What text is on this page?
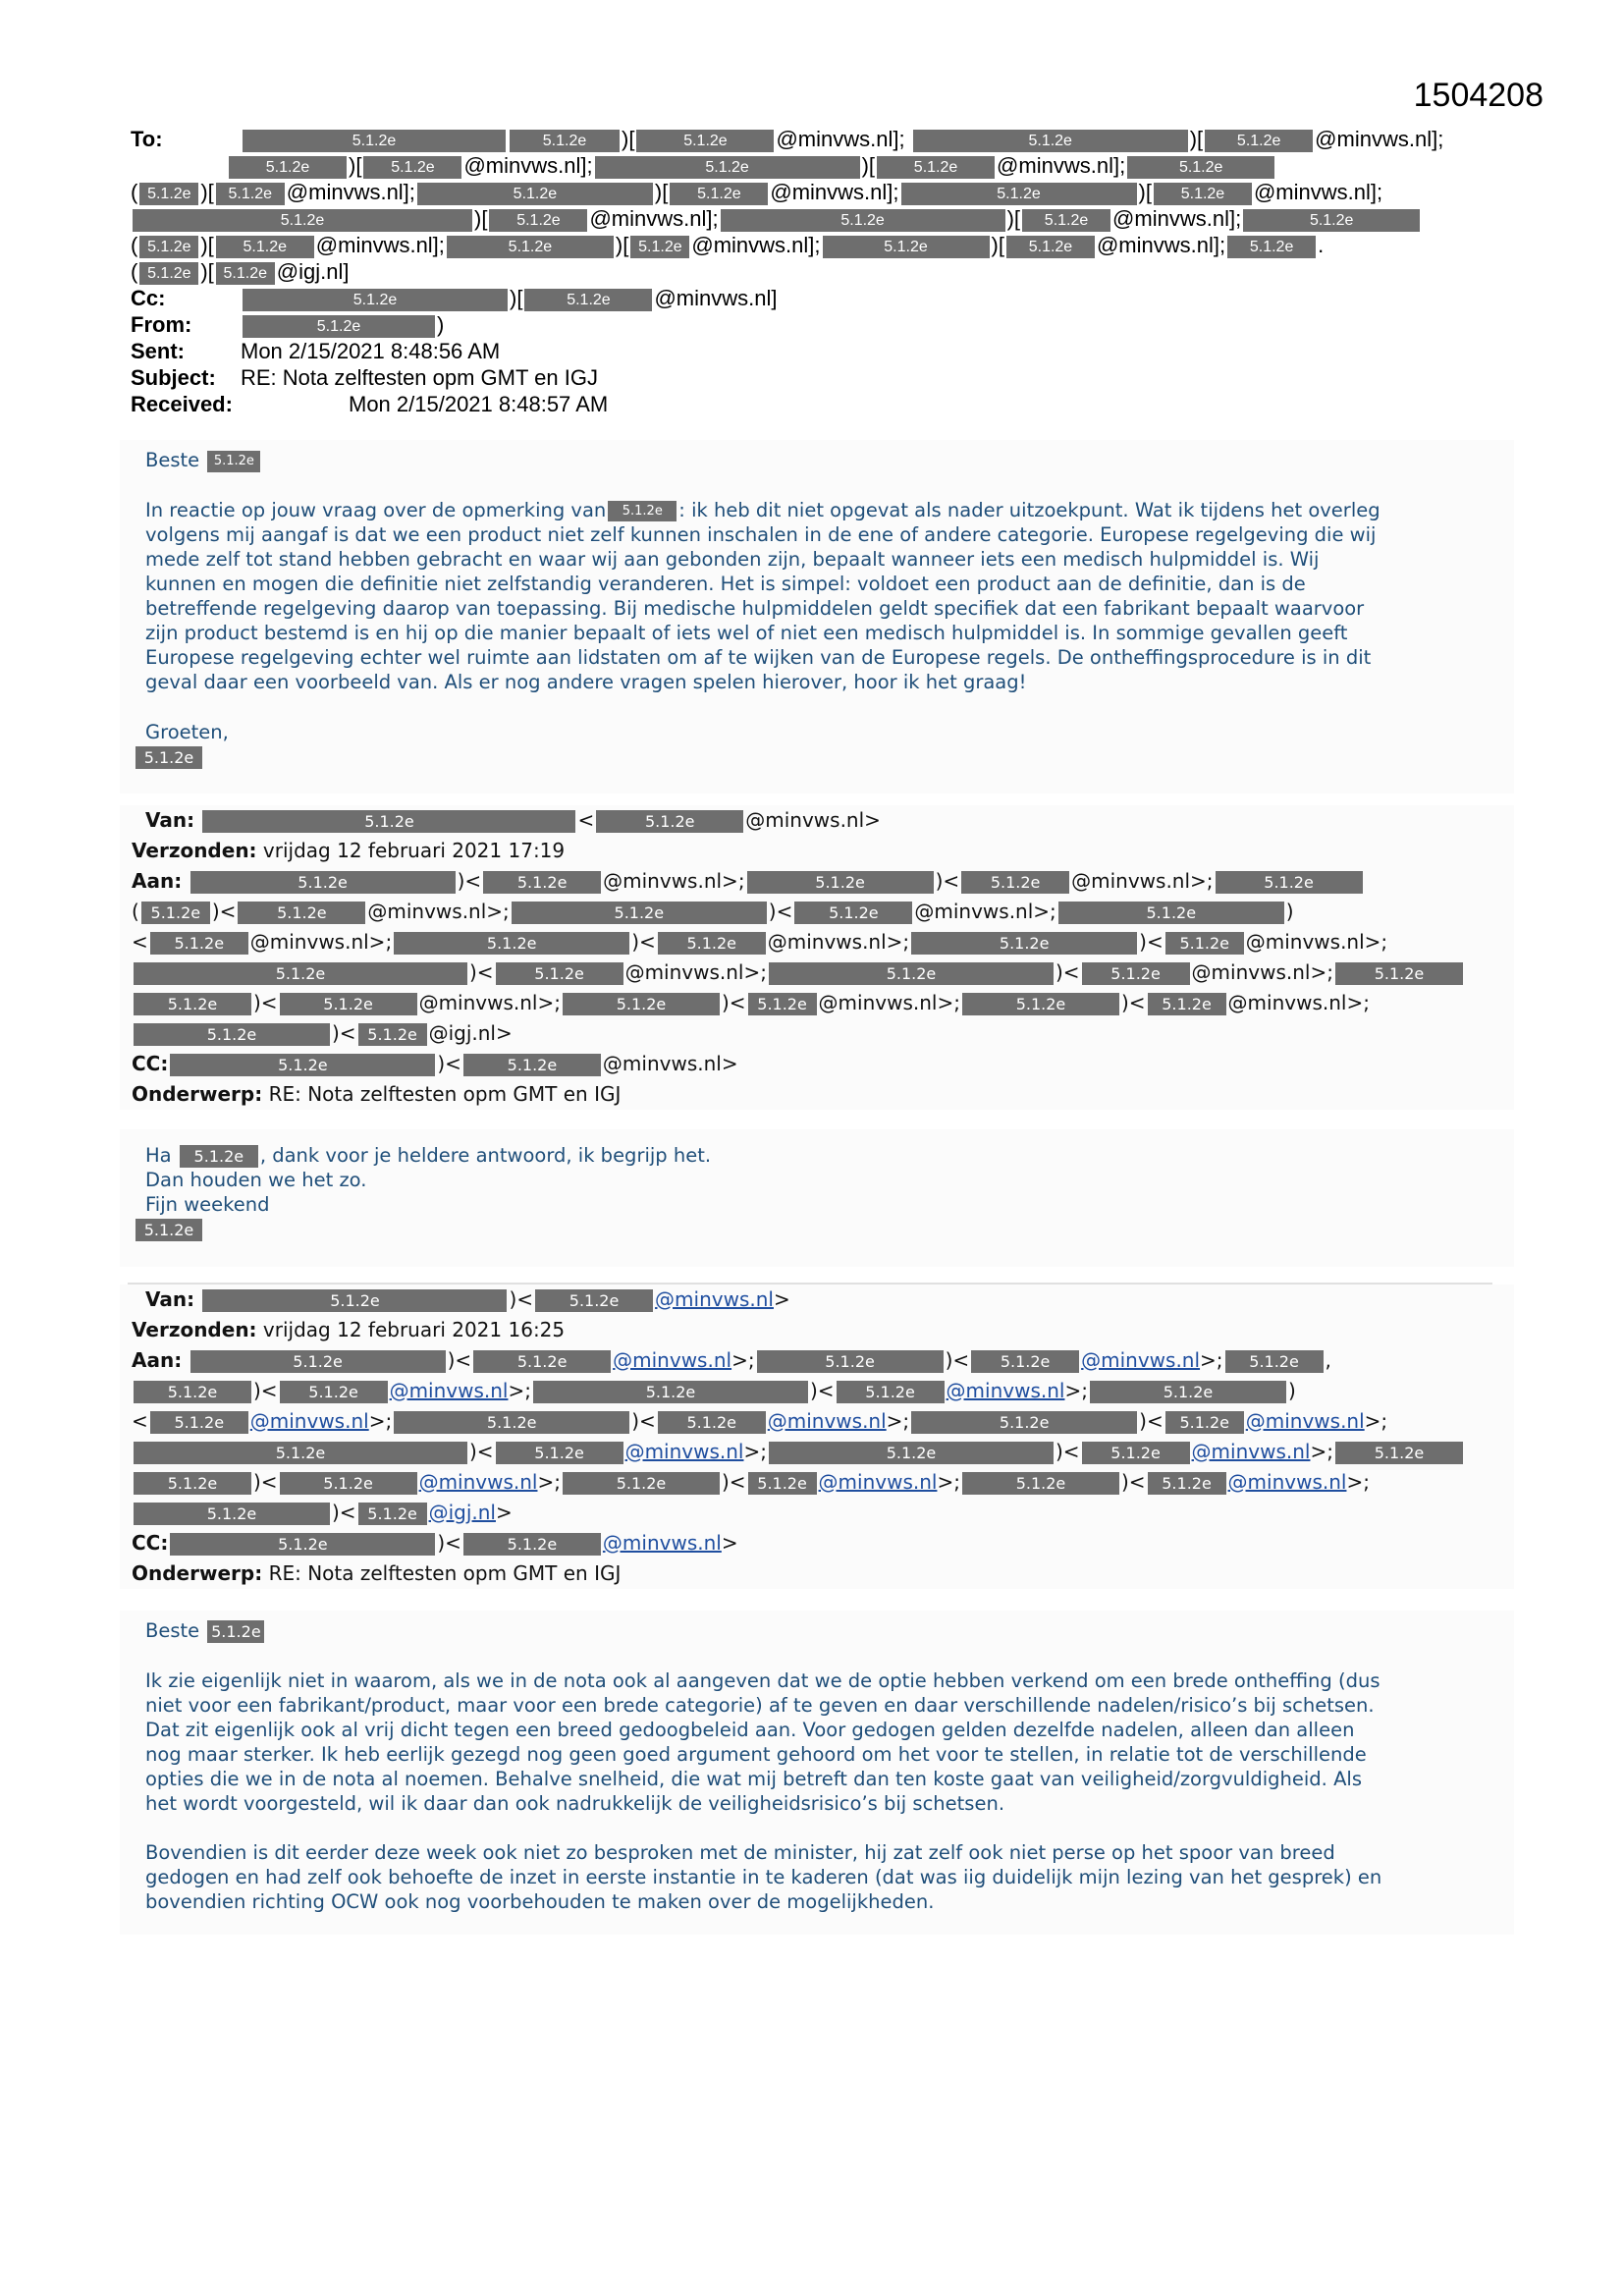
1504208
To:	5.1.2e	5.1.2e )[	5.1.2e @minvws.nl];	5.1.2e	)[ 5.1.2e @minvws.nl];
5.1.2e )[ 5.1.2e @minvws.nl];	5.1.2e	)[ 5.1.2e @minvws.nl];	5.1.2e
( 5.1.2e )[ 5.1.2e @minvws.nl];	5.1.2e	)[ 5.1.2e @minvws.nl];	5.1.2e	)[ 5.1.2e @minvws.nl];
5.1.2e	)[ 5.1.2e @minvws.nl];	5.1.2e	)[ 5.1.2e @minvws.nl];	5.1.2e
( 5.1.2e )[ 5.1.2e @minvws.nl];	5.1.2e	)[ 5.1.2e @minvws.nl];	5.1.2e	)[ 5.1.2e @minvws.nl]; 5.1.2e .
( 5.1.2e )[ 5.1.2e @igj.nl]
Cc:	5.1.2e	)[	5.1.2e @minvws.nl]
From:	5.1.2e	)
Sent:	Mon 2/15/2021 8:48:56 AM
Subject: RE: Nota zelftesten opm GMT en IGJ
Received:	Mon 2/15/2021 8:48:57 AM
Beste 5.1.2e

In reactie op jouw vraag over de opmerking van 5.1.2e : ik heb dit niet opgevat als nader uitzoekpunt. Wat ik tijdens het overleg

volgens mij aangaf is dat we een product niet zelf kunnen inschalen in de ene of andere categorie. Europese regelgeving die wij

mede zelf tot stand hebben gebracht en waar wij aan gebonden zijn, bepaalt wanneer iets een medisch hulpmiddel is. Wij

kunnen en mogen die definitie niet zelfstandig veranderen. Het is simpel: voldoet een product aan de definitie, dan is de

betreffende regelgeving daarop van toepassing. Bij medische hulpmiddelen geldt specifiek dat een fabrikant bepaalt waarvoor

zijn product bestemd is en hij op die manier bepaalt of iets wel of niet een medisch hulpmiddel is. In sommige gevallen geeft

Europese regelgeving echter wel ruimte aan lidstaten om af te wijken van de Europese regels. De ontheffingsprocedure is in dit

geval daar een voorbeeld van. Als er nog andere vragen spelen hierover, hoor ik het graag!

Groeten,
5.1.2e
Van:	5.1.2e	<	5.1.2e	@minvws.nl>
Verzonden: vrijdag 12 februari 2021 17:19
Aan:	5.1.2e	)< 5.1.2e @minvws.nl>;	5.1.2e	)< 5.1.2e @minvws.nl>;	5.1.2e
( 5.1.2e )<	5.1.2e @minvws.nl>;	5.1.2e	)< 5.1.2e @minvws.nl>;	5.1.2e	)
< 5.1.2e @minvws.nl>;	5.1.2e	)< 5.1.2e @minvws.nl>;	5.1.2e	)< 5.1.2e @minvws.nl>;
5.1.2e	)<	5.1.2e @minvws.nl>;	5.1.2e	)< 5.1.2e @minvws.nl>;	5.1.2e
5.1.2e )<	5.1.2e @minvws.nl>;	5.1.2e	)< 5.1.2e @minvws.nl>;	5.1.2e	)< 5.1.2e @minvws.nl>;
5.1.2e	)< 5.1.2e @igj.nl>
CC:	5.1.2e	)<	5.1.2e @minvws.nl>
Onderwerp: RE: Nota zelftesten opm GMT en IGJ
Ha 5.1.2e , dank voor je heldere antwoord, ik begrijp het.
Dan houden we het zo.
Fijn weekend
5.1.2e
Van:	5.1.2e	)< 5.1.2e @minvws.nl>
Verzonden: vrijdag 12 februari 2021 16:25
Aan:	5.1.2e	)<	5.1.2e @minvws.nl>;	5.1.2e	)< 5.1.2e @minvws.nl>; 5.1.2e ,
5.1.2e )< 5.1.2e @minvws.nl>;	5.1.2e	)< 5.1.2e @minvws.nl>;	5.1.2e	)
< 5.1.2e @minvws.nl>;	5.1.2e	)< 5.1.2e @minvws.nl>;	5.1.2e	)< 5.1.2e @minvws.nl>;
5.1.2e	)<	5.1.2e @minvws.nl>;	5.1.2e	)< 5.1.2e @minvws.nl>;	5.1.2e
5.1.2e )<	5.1.2e @minvws.nl>;	5.1.2e	)< 5.1.2e @minvws.nl>;	5.1.2e	)< 5.1.2e @minvws.nl>;
5.1.2e	)< 5.1.2e @igj.nl>
CC:	5.1.2e	)<	5.1.2e @minvws.nl>
Onderwerp: RE: Nota zelftesten opm GMT en IGJ
Beste 5.1.2e

Ik zie eigenlijk niet in waarom, als we in de nota ook al aangeven dat we de optie hebben verkend om een brede ontheffing (dus

niet voor een fabrikant/product, maar voor een brede categorie) af te geven en daar verschillende nadelen/risico’s bij schetsen.

Dat zit eigenlijk ook al vrij dicht tegen een breed gedoogbeleid aan. Voor gedogen gelden dezelfde nadelen, alleen dan alleen

nog maar sterker. Ik heb eerlijk gezegd nog geen goed argument gehoord om het voor te stellen, in relatie tot de verschillende

opties die we in de nota al noemen. Behalve snelheid, die wat mij betreft dan ten koste gaat van veiligheid/zorgvuldigheid. Als

het wordt voorgesteld, wil ik daar dan ook nadrukkelijk de veiligheidsrisico’s bij schetsen.

Bovendien is dit eerder deze week ook niet zo besproken met de minister, hij zat zelf ook niet perse op het spoor van breed

gedogen en had zelf ook behoefte de inzet in eerste instantie in te kaderen (dat was iig duidelijk mijn lezing van het gesprek) en

bovendien richting OCW ook nog voorbehouden te maken over de mogelijkheden.
